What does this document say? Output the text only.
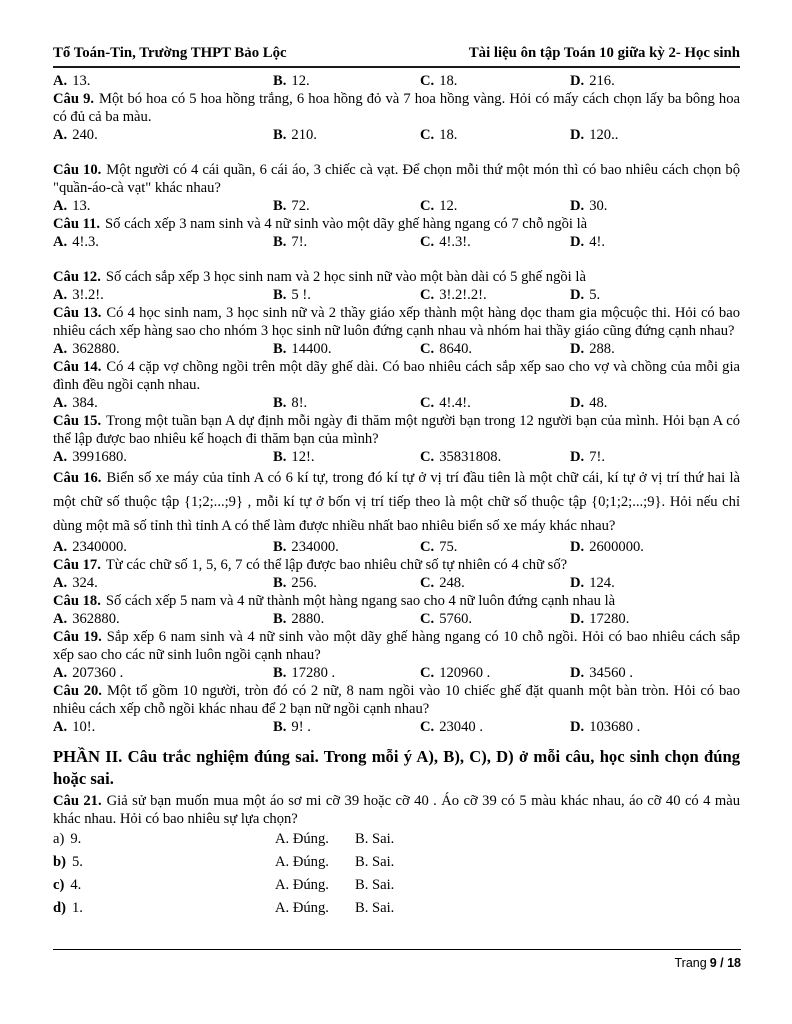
Tổ Toán-Tin, Trường THPT Bảo Lộc	Tài liệu ôn tập Toán 10 giữa kỳ 2- Học sinh
A. 13.	B. 12.	C. 18.	D. 216.

Câu 9. Một bó hoa có 5 hoa hồng trắng, 6 hoa hồng đỏ và 7 hoa hồng vàng. Hỏi có mấy cách chọn lấy ba bông hoa có đủ cả ba màu.

A. 240.	B. 210.	C. 18.	D. 120..

Câu 10. Một người có 4 cái quần, 6 cái áo, 3 chiếc cà vạt. Để chọn mỗi thứ một món thì có bao nhiêu cách chọn bộ "quần-áo-cà vạt" khác nhau?

A. 13.	B. 72.	C. 12.	D. 30.

Câu 11. Số cách xếp 3 nam sinh và 4 nữ sinh vào một dãy ghế hàng ngang có 7 chỗ ngồi là

A. 4!.3.	B. 7!.	C. 4!.3!.	D. 4!.

Câu 12. Số cách sắp xếp 3 học sinh nam và 2 học sinh nữ vào một bàn dài có 5 ghế ngồi là

A. 3!.2!.	B. 5 !.	C. 3!.2!.2!.	D. 5.

Câu 13. Có 4 học sinh nam, 3 học sinh nữ và 2 thầy giáo xếp thành một hàng dọc tham gia mộcuộc thi. Hỏi có bao nhiêu cách xếp hàng sao cho nhóm 3 học sinh nữ luôn đứng cạnh nhau và nhóm hai thầy giáo cũng đứng cạnh nhau?

A. 362880.	B. 14400.	C. 8640.	D. 288.

Câu 14. Có 4 cặp vợ chồng ngồi trên một dãy ghế dài. Có bao nhiêu cách sắp xếp sao cho vợ và chồng của mỗi gia đình đều ngồi cạnh nhau.

A. 384.	B. 8!.	C. 4!.4!.	D. 48.

Câu 15. Trong một tuần bạn A dự định mỗi ngày đi thăm một người bạn trong 12 người bạn của mình. Hỏi bạn A có thể lập được bao nhiêu kế hoạch đi thăm bạn của mình?

A. 3991680.	B. 12!.	C. 35831808.	D. 7!.

Câu 16. Biển số xe máy của tỉnh A có 6 kí tự, trong đó kí tự ở vị trí đầu tiên là một chữ cái, kí tự ở vị trí thứ hai là một chữ số thuộc tập {1;2;...;9} , mỗi kí tự ở bốn vị trí tiếp theo là một chữ số thuộc tập {0;1;2;...;9}. Hỏi nếu chỉ dùng một mã số tỉnh thì tỉnh A có thể làm được nhiều nhất bao nhiêu biển số xe máy khác nhau?

A. 2340000.	B. 234000.	C. 75.	D. 2600000.

Câu 17. Từ các chữ số 1, 5, 6, 7 có thể lập được bao nhiêu chữ số tự nhiên có 4 chữ số?

A. 324.	B. 256.	C. 248.	D. 124.

Câu 18. Số cách xếp 5 nam và 4 nữ thành một hàng ngang sao cho 4 nữ luôn đứng cạnh nhau là

A. 362880.	B. 2880.	C. 5760.	D. 17280.

Câu 19. Sắp xếp 6 nam sinh và 4 nữ sinh vào một dãy ghế hàng ngang có 10 chỗ ngồi. Hỏi có bao nhiêu cách sắp xếp sao cho các nữ sinh luôn ngồi cạnh nhau?

A. 207360 .	B. 17280 .	C. 120960 .	D. 34560 .

Câu 20. Một tổ gồm 10 người, tròn đó có 2 nữ, 8 nam ngồi vào 10 chiếc ghế đặt quanh một bàn tròn. Hỏi có bao nhiêu cách xếp chỗ ngồi khác nhau để 2 bạn nữ ngồi cạnh nhau?

A. 10!.	B. 9! .	C. 23040 .	D. 103680 .

PHẦN II. Câu trắc nghiệm đúng sai. Trong mỗi ý A), B), C), D) ở mỗi câu, học sinh chọn đúng hoặc sai.

Câu 21. Giả sử bạn muốn mua một áo sơ mi cỡ 39 hoặc cỡ 40 . Áo cỡ 39 có 5 màu khác nhau, áo cỡ 40 có 4 màu khác nhau. Hỏi có bao nhiêu sự lựa chọn?

a) 9.	A. Đúng.	B. Sai.
b) 5.	A. Đúng.	B. Sai.
c) 4.	A. Đúng.	B. Sai.
d) 1.	A. Đúng.	B. Sai.
Trang 9 / 18
